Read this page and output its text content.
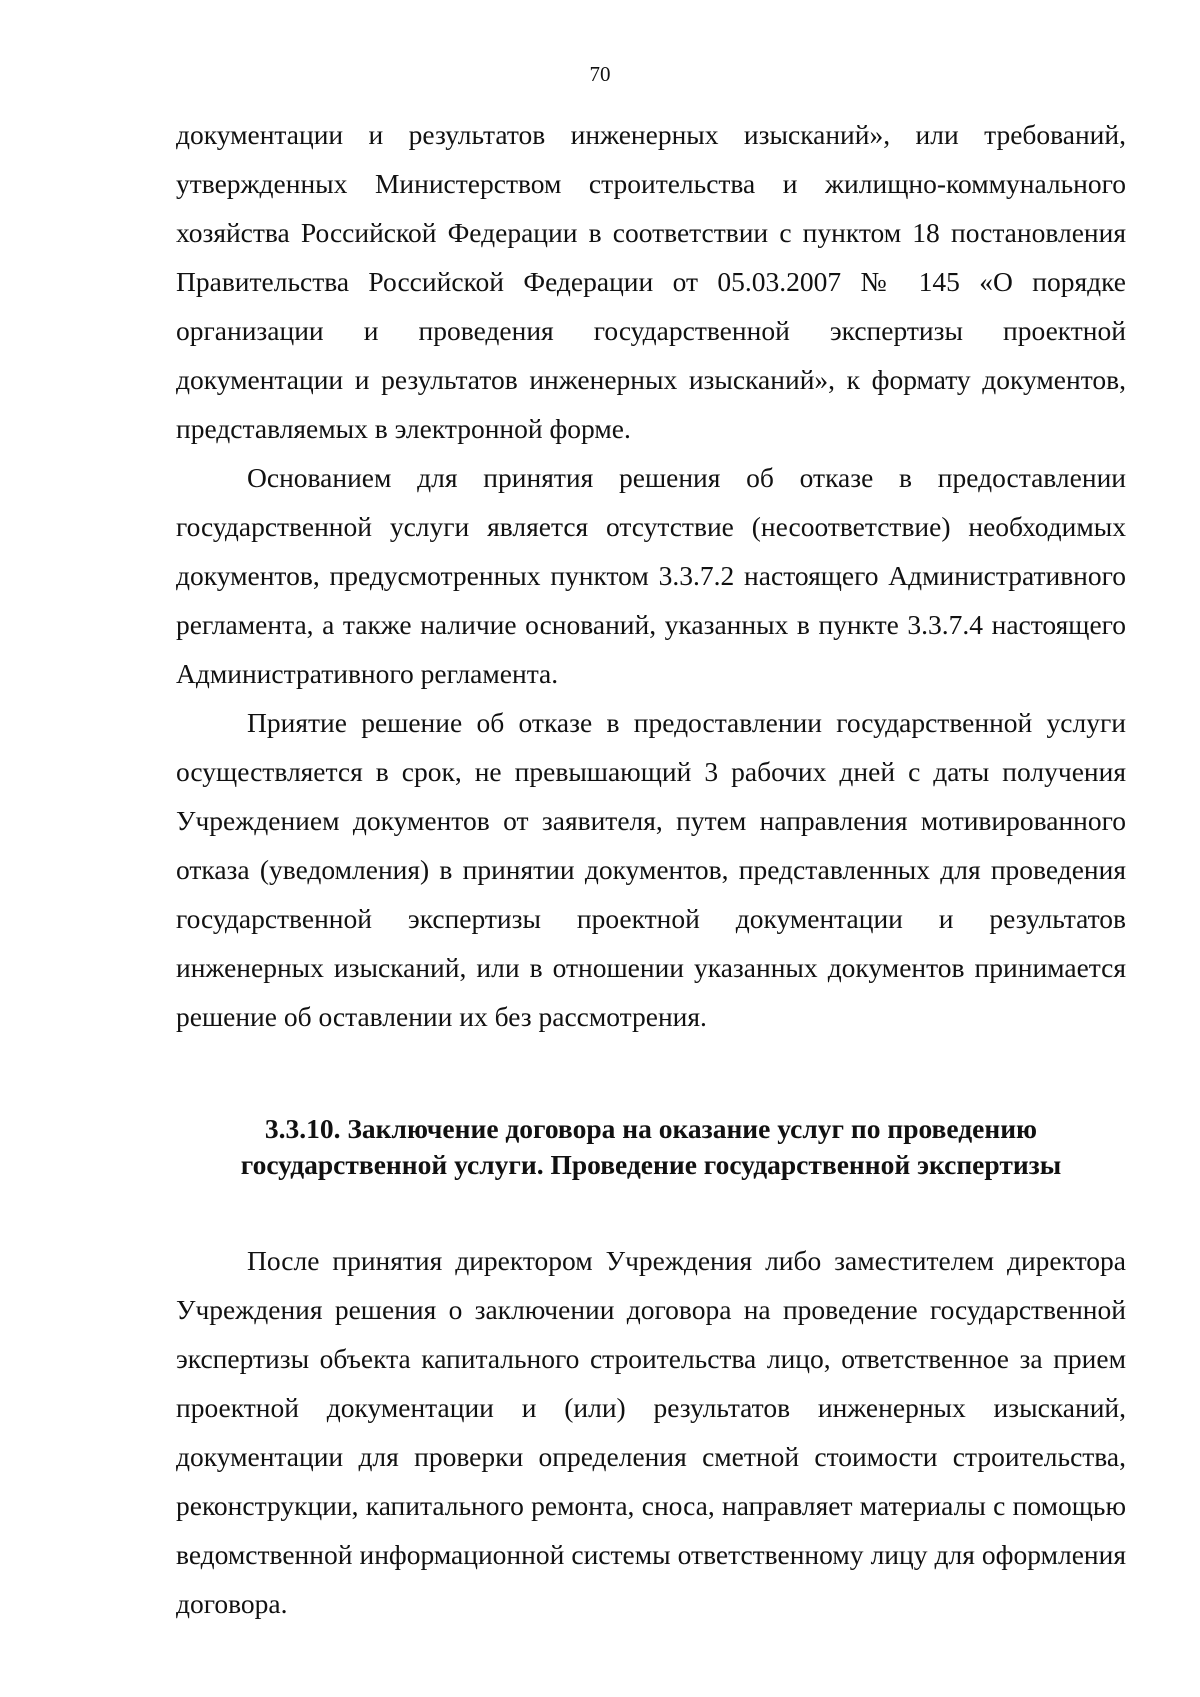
70

документации и результатов инженерных изысканий», или требований, утвержденных Министерством строительства и жилищно-коммунального хозяйства Российской Федерации в соответствии с пунктом 18 постановления Правительства Российской Федерации от 05.03.2007 № 145 «О порядке организации и проведения государственной экспертизы проектной документации и результатов инженерных изысканий», к формату документов, представляемых в электронной форме.

Основанием для принятия решения об отказе в предоставлении государственной услуги является отсутствие (несоответствие) необходимых документов, предусмотренных пунктом 3.3.7.2 настоящего Административного регламента, а также наличие оснований, указанных в пункте 3.3.7.4 настоящего Административного регламента.

Приятие решение об отказе в предоставлении государственной услуги осуществляется в срок, не превышающий 3 рабочих дней с даты получения Учреждением документов от заявителя, путем направления мотивированного отказа (уведомления) в принятии документов, представленных для проведения государственной экспертизы проектной документации и результатов инженерных изысканий, или в отношении указанных документов принимается решение об оставлении их без рассмотрения.

3.3.10. Заключение договора на оказание услуг по проведению
государственной услуги. Проведение государственной экспертизы

После принятия директором Учреждения либо заместителем директора Учреждения решения о заключении договора на проведение государственной экспертизы объекта капитального строительства лицо, ответственное за прием проектной документации и (или) результатов инженерных изысканий, документации для проверки определения сметной стоимости строительства, реконструкции, капитального ремонта, сноса, направляет материалы с помощью ведомственной информационной системы ответственному лицу для оформления договора.
